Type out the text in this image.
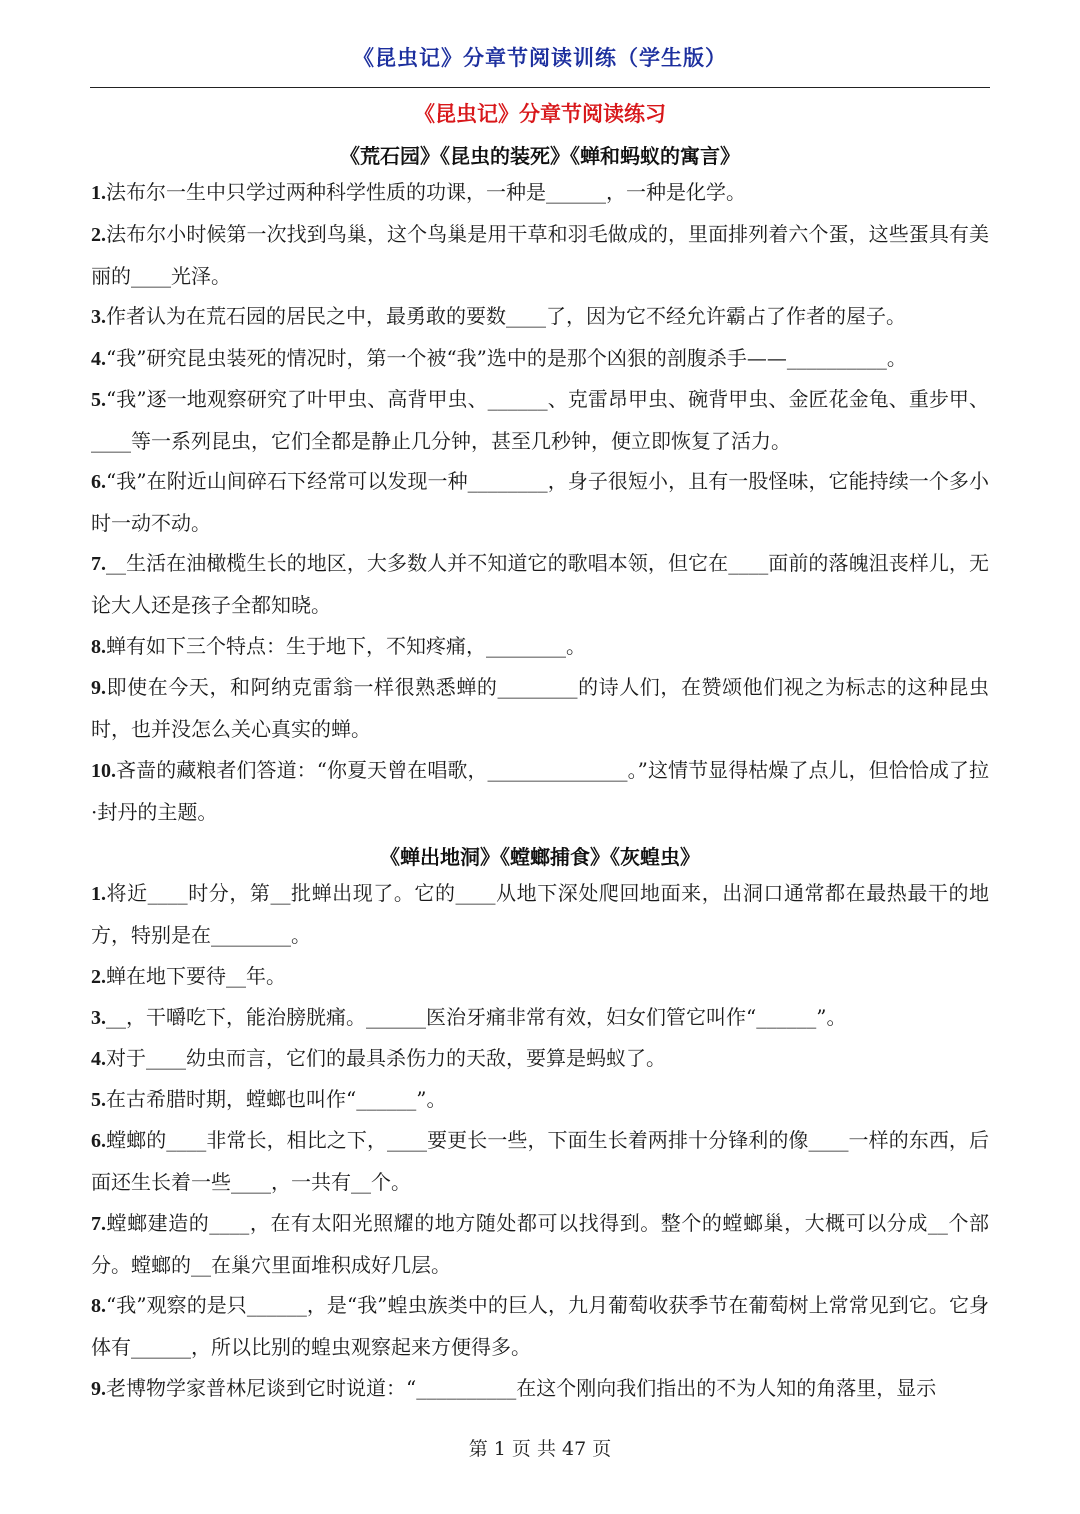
《昆虫记》分章节阅读训练（学生版）
《昆虫记》分章节阅读练习
《荒石园》《昆虫的装死》《蝉和蚂蚁的寓言》
1.法布尔一生中只学过两种科学性质的功课，一种是______，一种是化学。
2.法布尔小时候第一次找到鸟巢，这个鸟巢是用干草和羽毛做成的，里面排列着六个蛋，这些蛋具有美丽的____光泽。
3.作者认为在荒石园的居民之中，最勇敢的要数____了，因为它不经允许霸占了作者的屋子。
4.“我”研究昆虫装死的情况时，第一个被“我”选中的是那个凶狠的剖腹杀手——__________。
5.“我”逐一地观察研究了叶甲虫、高背甲虫、______、克雷昂甲虫、碗背甲虫、金匠花金龟、重步甲、____等一系列昆虫，它们全都是静止几分钟，甚至几秒钟，便立即恢复了活力。
6.“我”在附近山间碎石下经常可以发现一种________，身子很短小，且有一股怪味，它能持续一个多小时一动不动。
7.__生活在油橄榄生长的地区，大多数人并不知道它的歌唱本领，但它在____面前的落魄沮丧样儿，无论大人还是孩子全都知晓。
8.蝉有如下三个特点：生于地下，不知疼痛，________。
9.即使在今天，和阿纳克雷翁一样很熟悉蝉的________的诗人们，在赞颂他们视之为标志的这种昆虫时，也并没怎么关心真实的蝉。
10.吝啬的藏粮者们答道：“你夏天曾在唱歌，______________。”这情节显得枯燥了点儿，但恰恰成了拉·封丹的主题。
《蝉出地洞》《螳螂捕食》《灰蝗虫》
1.将近____时分，第__批蝉出现了。它的____从地下深处爬回地面来，出洞口通常都在最热最干的地方，特别是在________。
2.蝉在地下要待__年。
3.__，干嚼吃下，能治膀胱痛。______医治牙痛非常有效，妇女们管它叫作“______”。
4.对于____幼虫而言，它们的最具杀伤力的天敌，要算是蚂蚁了。
5.在古希腊时期，螳螂也叫作“______”。
6.螳螂的____非常长，相比之下，____要更长一些，下面生长着两排十分锋利的像____一样的东西，后面还生长着一些____，一共有__个。
7.螳螂建造的____，在有太阳光照耀的地方随处都可以找得到。整个的螳螂巢，大概可以分成__个部分。螳螂的__在巢穴里面堆积成好几层。
8.“我”观察的是只______，是“我”蝗虫族类中的巨人，九月葡萄收获季节在葡萄树上常常见到它。它身体有______，所以比别的蝗虫观察起来方便得多。
9.老博物学家普林尼谈到它时说道：“__________在这个刚向我们指出的不为人知的角落里，显示
第 1 页 共 47 页
